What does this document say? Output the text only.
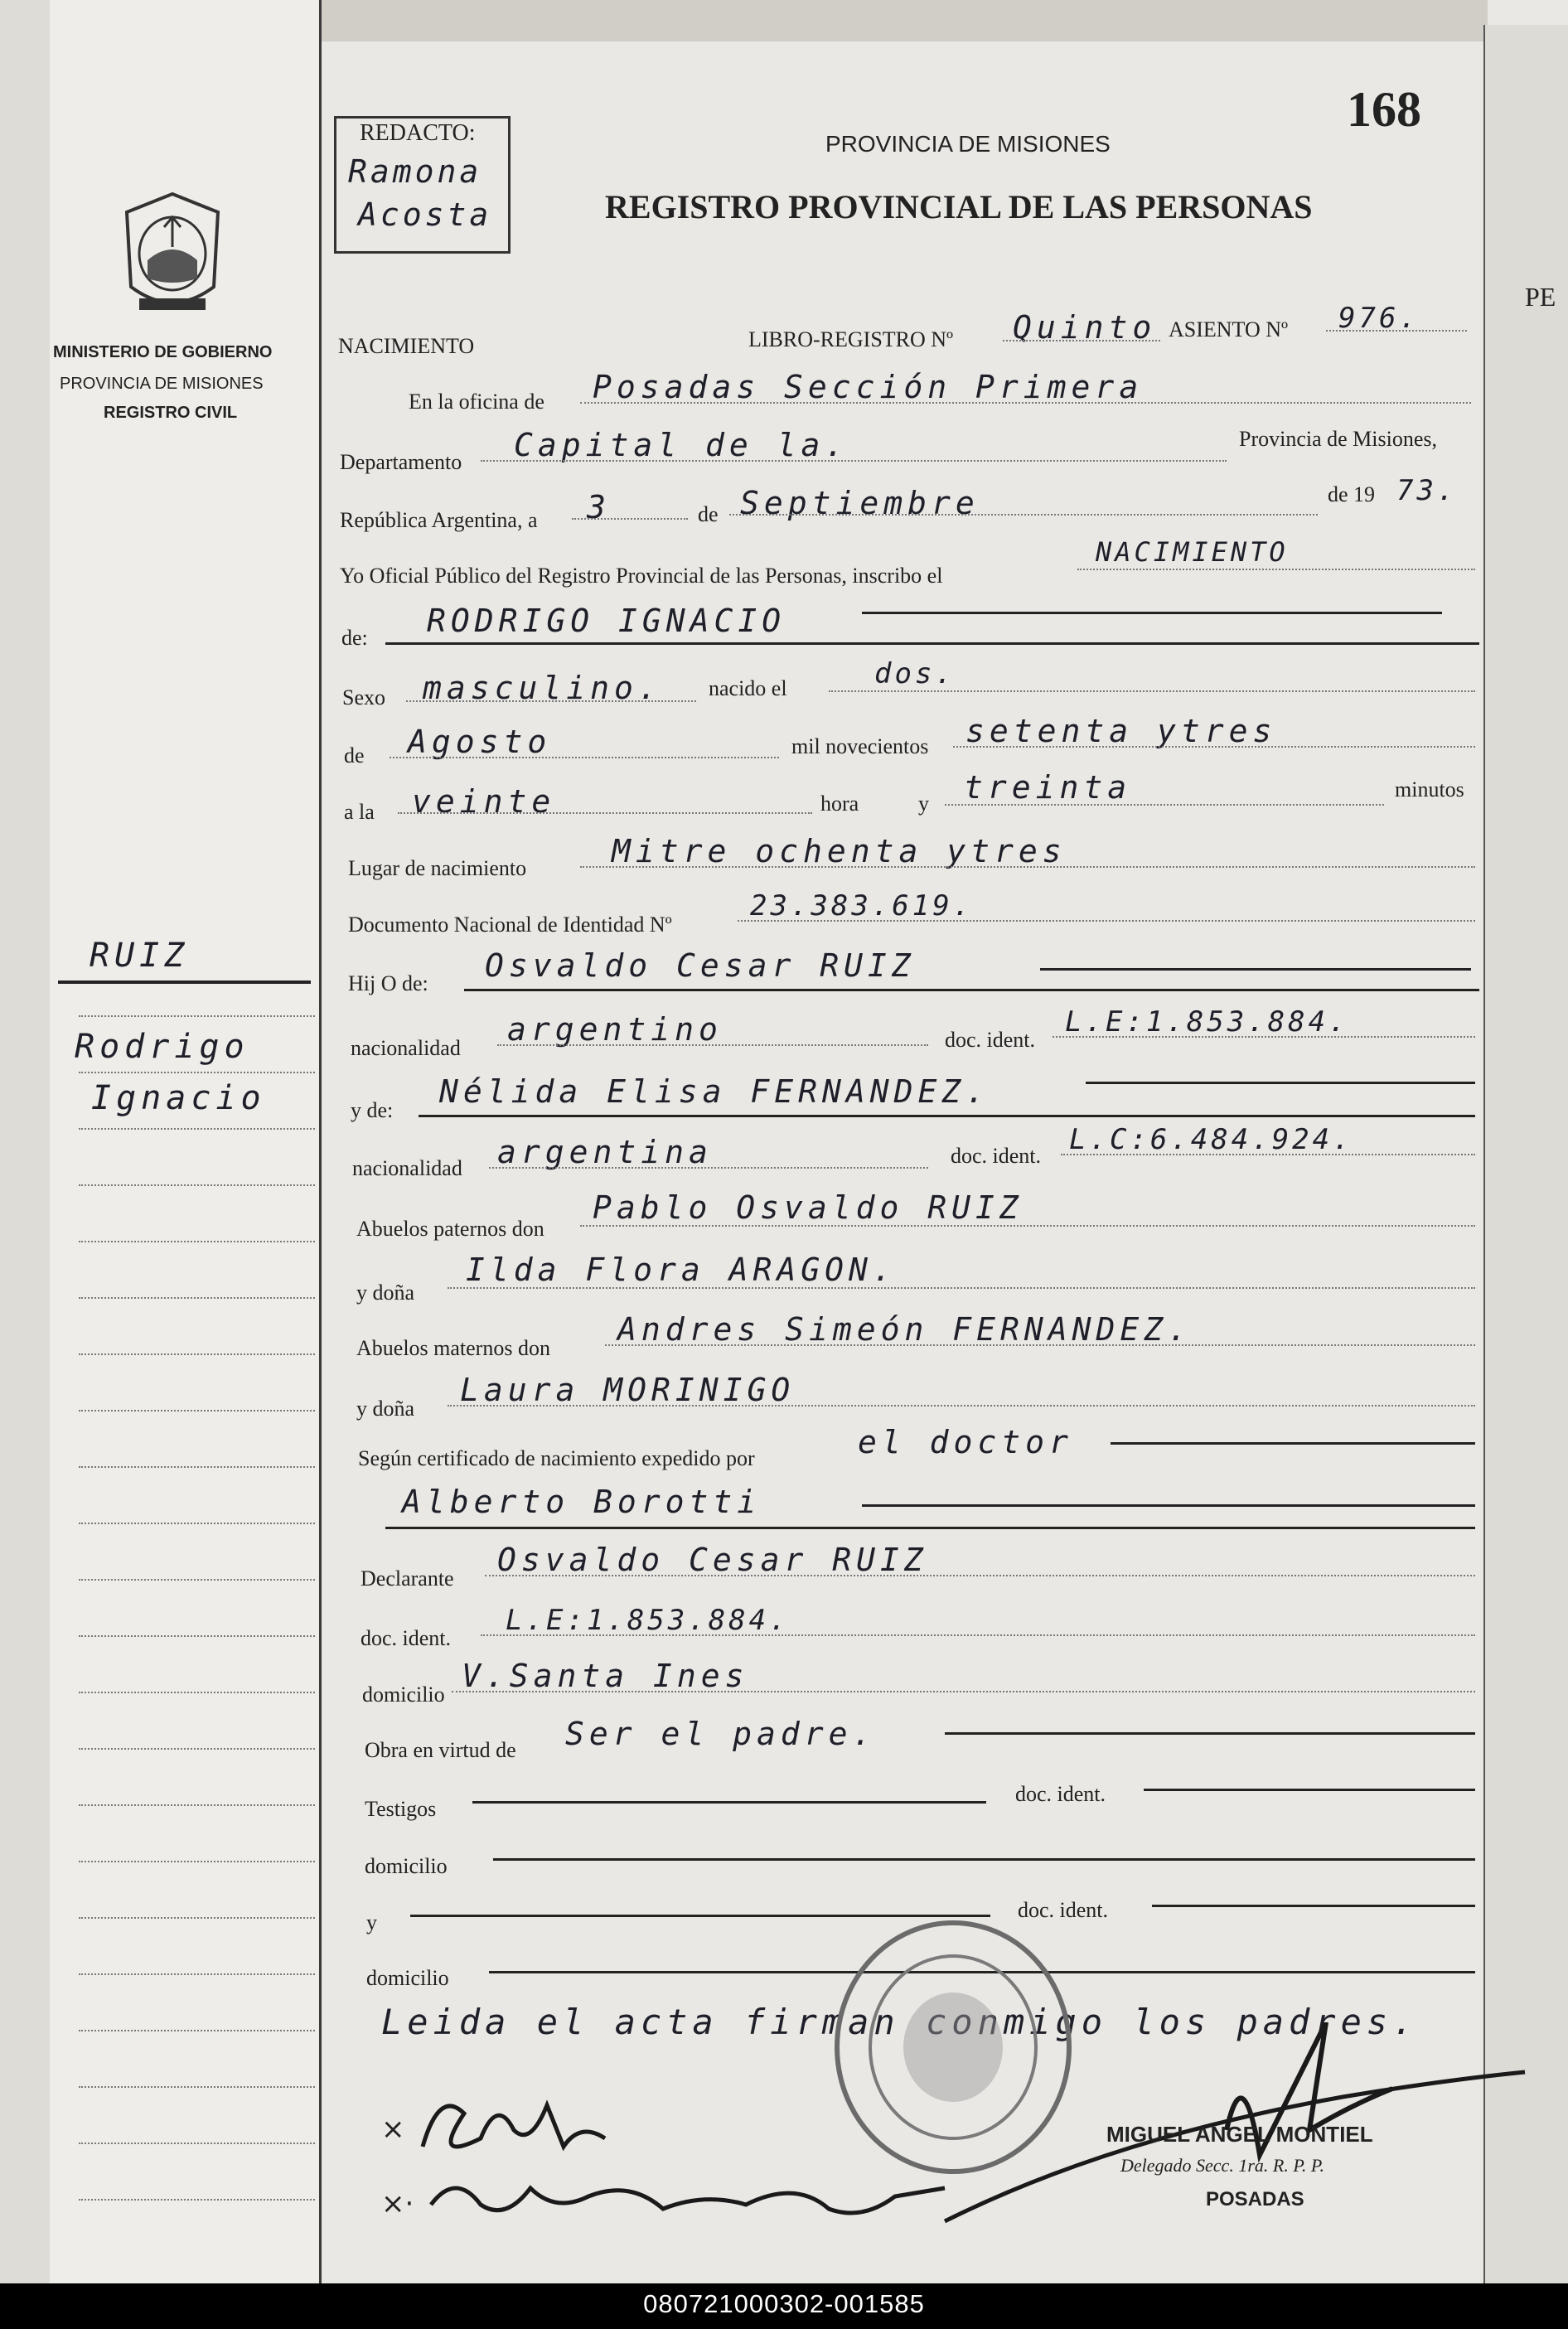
MINISTERIO DE GOBIERNO
PROVINCIA DE MISIONES
REGISTRO CIVIL
RUIZ
Rodrigo
Ignacio
PE
REDACTO:
Ramona
Acosta
PROVINCIA DE MISIONES
REGISTRO PROVINCIAL DE LAS PERSONAS
168
NACIMIENTO	LIBRO-REGISTRO Nº Quinto ASIENTO Nº 976.
En la oficina de Posadas Sección Primera
Departamento Capital de la.	Provincia de Misiones,
República Argentina, a 3	de Septiembre	de 19 73.
Yo Oficial Público del Registro Provincial de las Personas, inscribo el
NACIMIENTO
de: RODRIGO IGNACIO
Sexo masculino. nacido el	dos.
de Agosto	mil novecientos setenta ytres
a la veinte	hora	y treinta	minutos
Lugar de nacimiento	Mitre ochenta ytres
Documento Nacional de Identidad Nº
23.383.619.
Hij O de: Osvaldo Cesar RUIZ
nacionalidad
argentino	doc. ident.
L.E:1.853.884.
y de:
Nélida Elisa FERNANDEZ.
nacionalidad argentina	doc. ident. L.C:6.484.924.
Abuelos paternos don
Pablo Osvaldo RUIZ
y doña
Ilda Flora ARAGON.
Abuelos maternos don
Andres Simeón FERNANDEZ.
y doña
Laura MORINIGO
Según certificado de nacimiento expedido por	el doctor
Alberto Borotti
Declarante
Osvaldo Cesar RUIZ
doc. ident.
L.E:1.853.884.
domicilio
V.Santa Ines
Obra en virtud de Ser el padre.
Testigos
doc. ident.
domicilio
y
doc. ident.
domicilio
Leida el acta firman conmigo los padres.
×
×·
MIGUEL ANGEL MONTIEL
Delegado Secc. 1ra. R. P. P.
POSADAS
080721000302-001585
